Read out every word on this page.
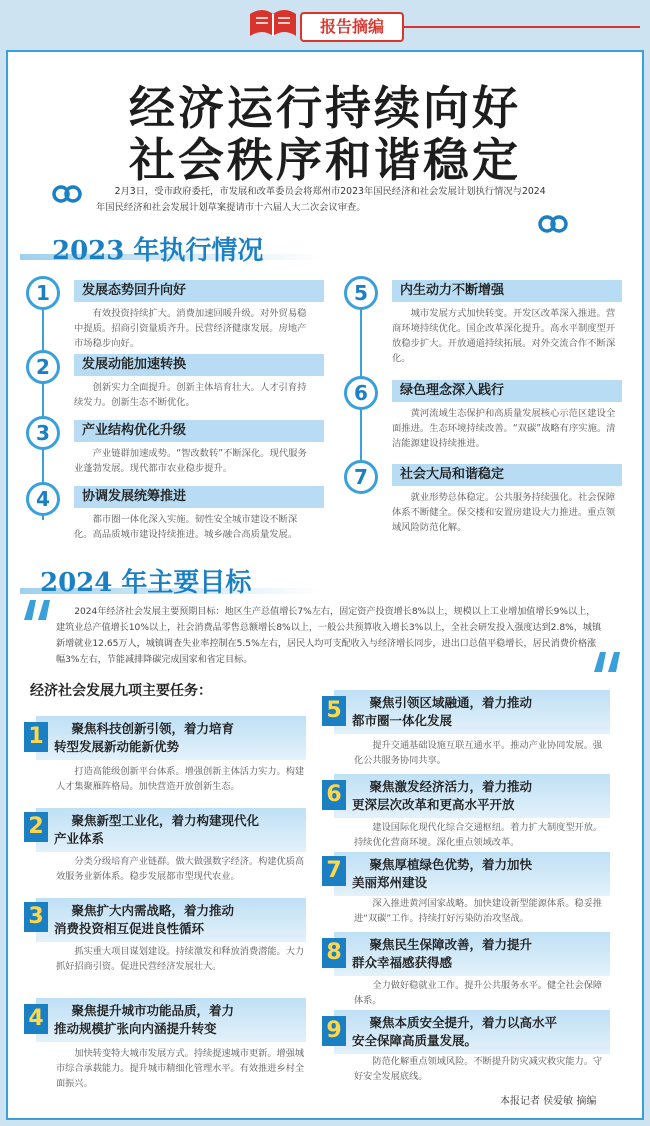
报告摘编
经济运行持续向好
社会秩序和谐稳定
2月3日，受市政府委托，市发展和改革委员会将郑州市2023年国民经济和社会发展计划执行情况与2024年国民经济和社会发展计划草案提请市十六届人大二次会议审查。
2023 年执行情况
1	发展态势回升向好
有效投资持续扩大。消费加速回暖升级。对外贸易稳中提质。招商引资量质齐升。民营经济健康发展。房地产市场稳步向好。
2	发展动能加速转换
创新实力全面提升。创新主体培育壮大。人才引育持续发力。创新生态不断优化。
3	产业结构优化升级
产业链群加速成势。“智改数转”不断深化。现代服务业蓬勃发展。现代都市农业稳步提升。
4	协调发展统筹推进
都市圈一体化深入实施。韧性安全城市建设不断深化。高品质城市建设持续推进。城乡融合高质量发展。
5	内生动力不断增强
城市发展方式加快转变。开发区改革深入推进。营商环境持续优化。国企改革深化提升。高水平制度型开放稳步扩大。开放通道持续拓展。对外交流合作不断深化。
6	绿色理念深入践行
黄河流域生态保护和高质量发展核心示范区建设全面推进。生态环境持续改善。“双碳”战略有序实施。清洁能源建设持续推进。
7	社会大局和谐稳定
就业形势总体稳定。公共服务持续强化。社会保障体系不断健全。保交楼和安置房建设大力推进。重点领域风险防范化解。
2024 年主要目标
2024年经济社会发展主要预期目标：地区生产总值增长7%左右，固定资产投资增长8%以上，规模以上工业增加值增长9%以上，建筑业总产值增长10%以上，社会消费品零售总额增长8%以上，一般公共预算收入增长3%以上，全社会研发投入强度达到2.8%，城镇新增就业12.65万人，城镇调查失业率控制在5.5%左右，居民人均可支配收入与经济增长同步，进出口总值平稳增长，居民消费价格涨幅3%左右，节能减排降碳完成国家和省定目标。
经济社会发展九项主要任务：
聚焦科技创新引领，着力培育
转型发展新动能新优势
1
打造高能级创新平台体系。增强创新主体活力实力。构建人才集聚雁阵格局。加快营造开放创新生态。
聚焦新型工业化，着力构建现代化
产业体系
2
分类分级培育产业链群。做大做强数字经济。构建优质高效服务业新体系。稳步发展都市型现代农业。
聚焦扩大内需战略，着力推动
消费投资相互促进良性循环
3
抓实重大项目谋划建设。持续激发和释放消费潜能。大力抓好招商引资。促进民营经济发展壮大。
聚焦提升城市功能品质，着力
推动规模扩张向内涵提升转变
4
加快转变特大城市发展方式。持续提速城市更新。增强城市综合承载能力。提升城市精细化管理水平。有效推进乡村全面振兴。
聚焦引领区域融通，着力推动
都市圈一体化发展
5
提升交通基础设施互联互通水平。推动产业协同发展。强化公共服务协同共享。
聚焦激发经济活力，着力推动
更深层次改革和更高水平开放
6
建设国际化现代化综合交通枢纽。着力扩大制度型开放。持续优化营商环境。深化重点领域改革。
聚焦厚植绿色优势，着力加快
美丽郑州建设
7
深入推进黄河国家战略。加快建设新型能源体系。稳妥推进“双碳”工作。持续打好污染防治攻坚战。
聚焦民生保障改善，着力提升
群众幸福感获得感
8
全力做好稳就业工作。提升公共服务水平。健全社会保障体系。
聚焦本质安全提升，着力以高水平
安全保障高质量发展。
9
防范化解重点领域风险。不断提升防灾减灾救灾能力。守好安全发展底线。
本报记者 侯爱敏 摘编
